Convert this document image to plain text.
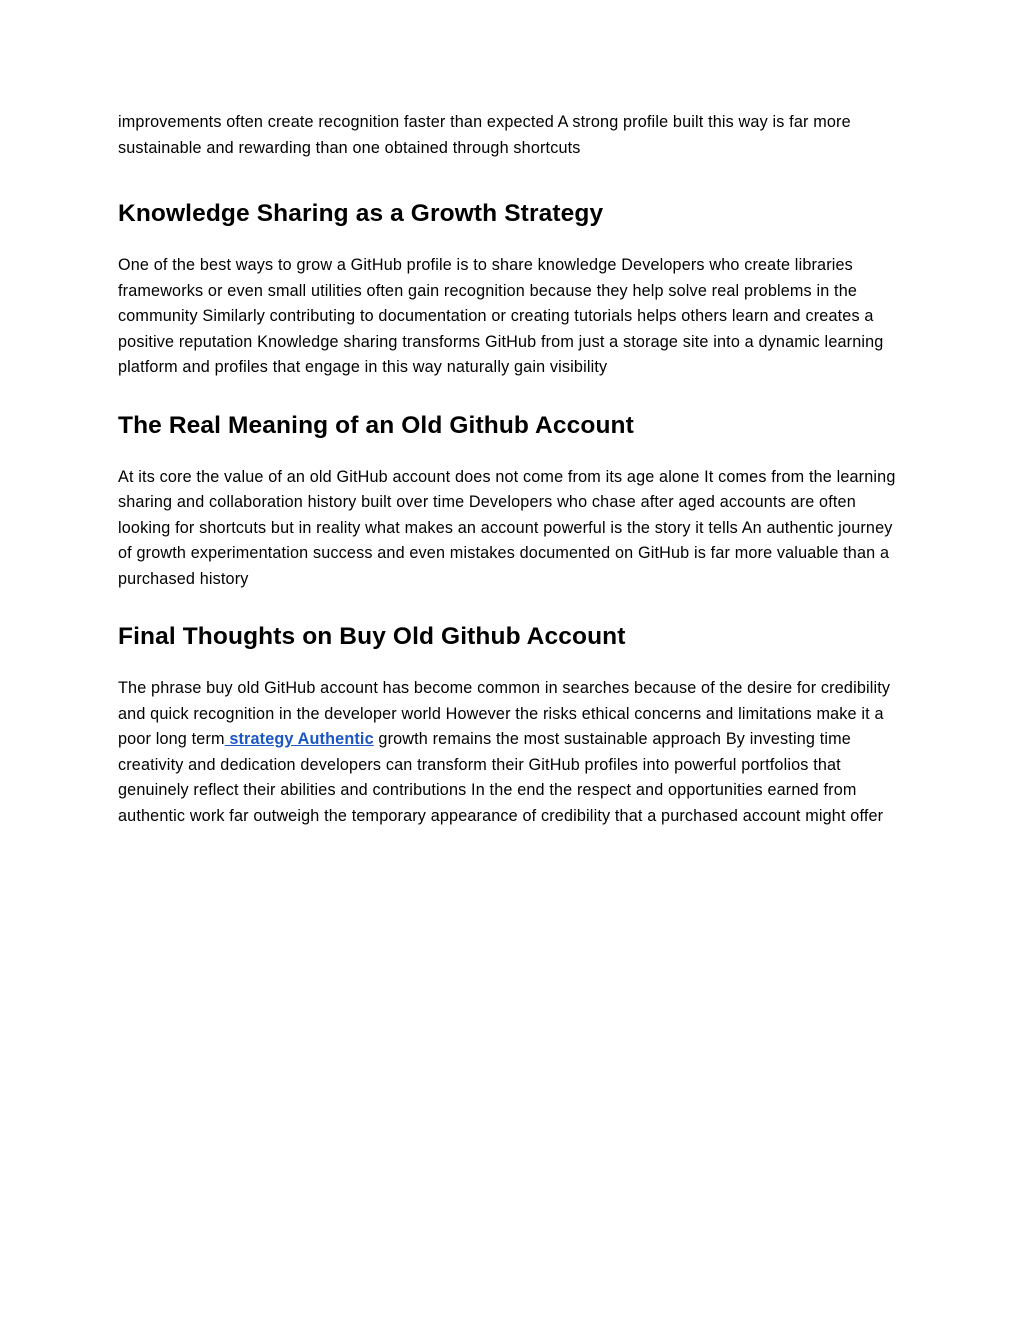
improvements often create recognition faster than expected A strong profile built this way is far more sustainable and rewarding than one obtained through shortcuts

Knowledge Sharing as a Growth Strategy

One of the best ways to grow a GitHub profile is to share knowledge Developers who create libraries frameworks or even small utilities often gain recognition because they help solve real problems in the community Similarly contributing to documentation or creating tutorials helps others learn and creates a positive reputation Knowledge sharing transforms GitHub from just a storage site into a dynamic learning platform and profiles that engage in this way naturally gain visibility

The Real Meaning of an Old Github Account

At its core the value of an old GitHub account does not come from its age alone It comes from the learning sharing and collaboration history built over time Developers who chase after aged accounts are often looking for shortcuts but in reality what makes an account powerful is the story it tells An authentic journey of growth experimentation success and even mistakes documented on GitHub is far more valuable than a purchased history

Final Thoughts on Buy Old Github Account

The phrase buy old GitHub account has become common in searches because of the desire for credibility and quick recognition in the developer world However the risks ethical concerns and limitations make it a poor long term strategy Authentic growth remains the most sustainable approach By investing time creativity and dedication developers can transform their GitHub profiles into powerful portfolios that genuinely reflect their abilities and contributions In the end the respect and opportunities earned from authentic work far outweigh the temporary appearance of credibility that a purchased account might offer
